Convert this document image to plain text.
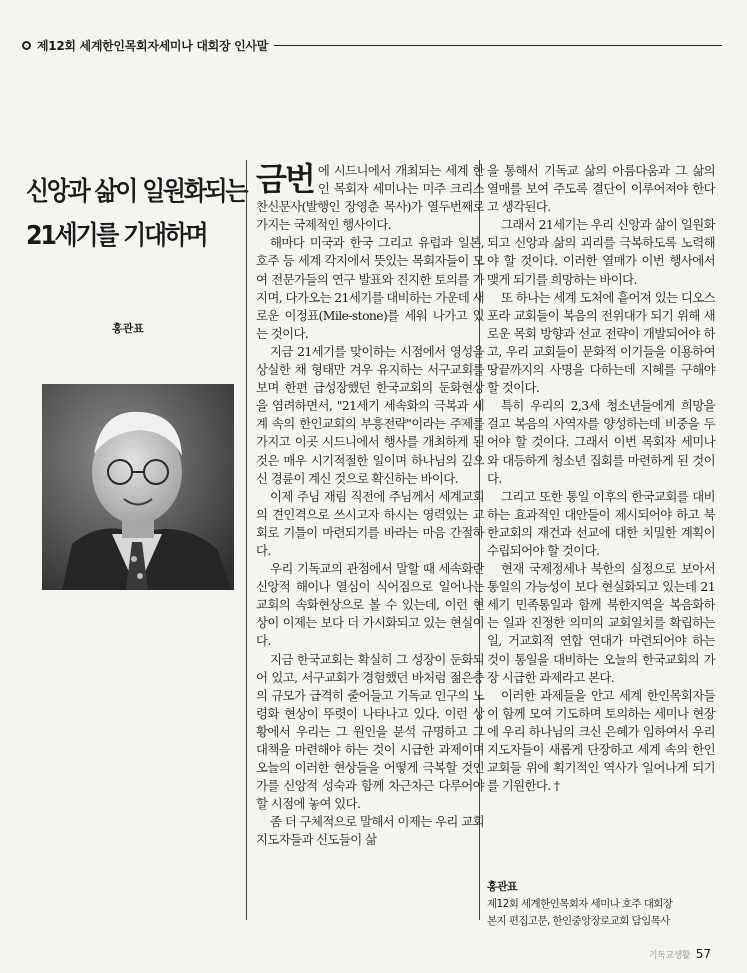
제12회 세계한인목회자세미나 대회장 인사말
신앙과 삶이 일원화되는
21세기를 기대하며
홍관표

금번 에 시드니에서 개최되는 세계 한인 목회자 세미나는 미주 크리스찬신문사(발행인 장영춘 목사)가 열두번째로 가지는 국제적인 행사이다.

해마다 미국과 한국 그리고 유럽과 일본, 호주 등 세계 각지에서 뜻있는 목회자들이 모여 전문가들의 연구 발표와 진지한 토의를 가지며, 다가오는 21세기를 대비하는 가운데 새로운 이정표(Mile-stone)를 세워 나가고 있는 것이다.

지금 21세기를 맞이하는 시점에서 영성을 상실한 채 형태만 겨우 유지하는 서구교회를 보며 한편 급성장했던 한국교회의 둔화현상을 염려하면서, "21세기 세속화의 극복과 세계 속의 한인교회의 부흥전략"이라는 주제를 가지고 이곳 시드니에서 행사를 개최하게 된 것은 매우 시기적절한 일이며 하나님의 깊으신 경륜이 계신 것으로 확신하는 바이다.

이제 주님 재림 직전에 주님께서 세계교회의 견인격으로 쓰시고자 하시는 영력있는 교회로 기틀이 마련되기를 바라는 마음 간절하다.

우리 기독교의 관점에서 말할 때 세속화란 신앙적 해이나 열심이 식어짐으로 일어나는 교회의 속화현상으로 볼 수 있는데, 이런 현상이 이제는 보다 더 가시화되고 있는 현실이다.

지금 한국교회는 확실히 그 성장이 둔화되어 있고, 서구교회가 경험했던 바처럼 젊은층의 규모가 급격히 줄어들고 기독교 인구의 노령화 현상이 뚜렷이 나타나고 있다. 이런 상황에서 우리는 그 원인을 분석 규명하고 그 대책을 마련해야 하는 것이 시급한 과제이며 오늘의 이러한 현상들을 어떻게 극복할 것인가를 신앙적 성숙과 함께 차근차근 다루어야 할 시점에 놓여 있다.

좀 더 구체적으로 말해서 이제는 우리 교회 지도자들과 신도들이 삶

을 통해서 기독교 삶의 아름다움과 그 삶의 열매를 보여 주도록 결단이 이루어져야 한다고 생각된다.

그래서 21세기는 우리 신앙과 삶이 일원화되고 신앙과 삶의 괴리를 극복하도록 노력해야 할 것이다. 이러한 열매가 이번 행사에서 맺게 되기를 희망하는 바이다.

또 하나는 세계 도처에 흩어져 있는 디오스포라 교회들이 복음의 전위대가 되기 위해 새로운 목회 방향과 선교 전략이 개발되어야 하고, 우리 교회들이 문화적 이기들을 이용하여 땅끝까지의 사명을 다하는데 지혜를 구해야 할 것이다.

특히 우리의 2,3세 청소년들에게 희망을 걸고 복음의 사역자를 양성하는데 비중을 두어야 할 것이다. 그래서 이번 목회자 세미나와 대등하게 청소년 집회를 마련하게 된 것이다.

그리고 또한 통일 이후의 한국교회를 대비하는 효과적인 대안들이 제시되어야 하고 북한교회의 재건과 선교에 대한 치밀한 계획이 수립되어야 할 것이다.

현재 국제정세나 북한의 실정으로 보아서 통일의 가능성이 보다 현실화되고 있는데 21세기 민족통일과 함께 북한지역을 복음화하는 일과 진정한 의미의 교회일치를 확립하는 일, 거교회적 연합 연대가 마련되어야 하는 것이 통일을 대비하는 오늘의 한국교회의 가장 시급한 과제라고 본다.

이러한 과제들을 안고 세계 한인목회자들이 함께 모여 기도하며 토의하는 세미나 현장에 우리 하나님의 크신 은혜가 임하여서 우리 지도자들이 새롭게 단장하고 세계 속의 한인교회들 위에 획기적인 역사가 일어나게 되기를 기원한다. †

홍관표
제12회 세계한인목회자 세미나 호주 대회장
본지 편집고문, 한인중앙장로교회 담임목사
기독교생활 57
